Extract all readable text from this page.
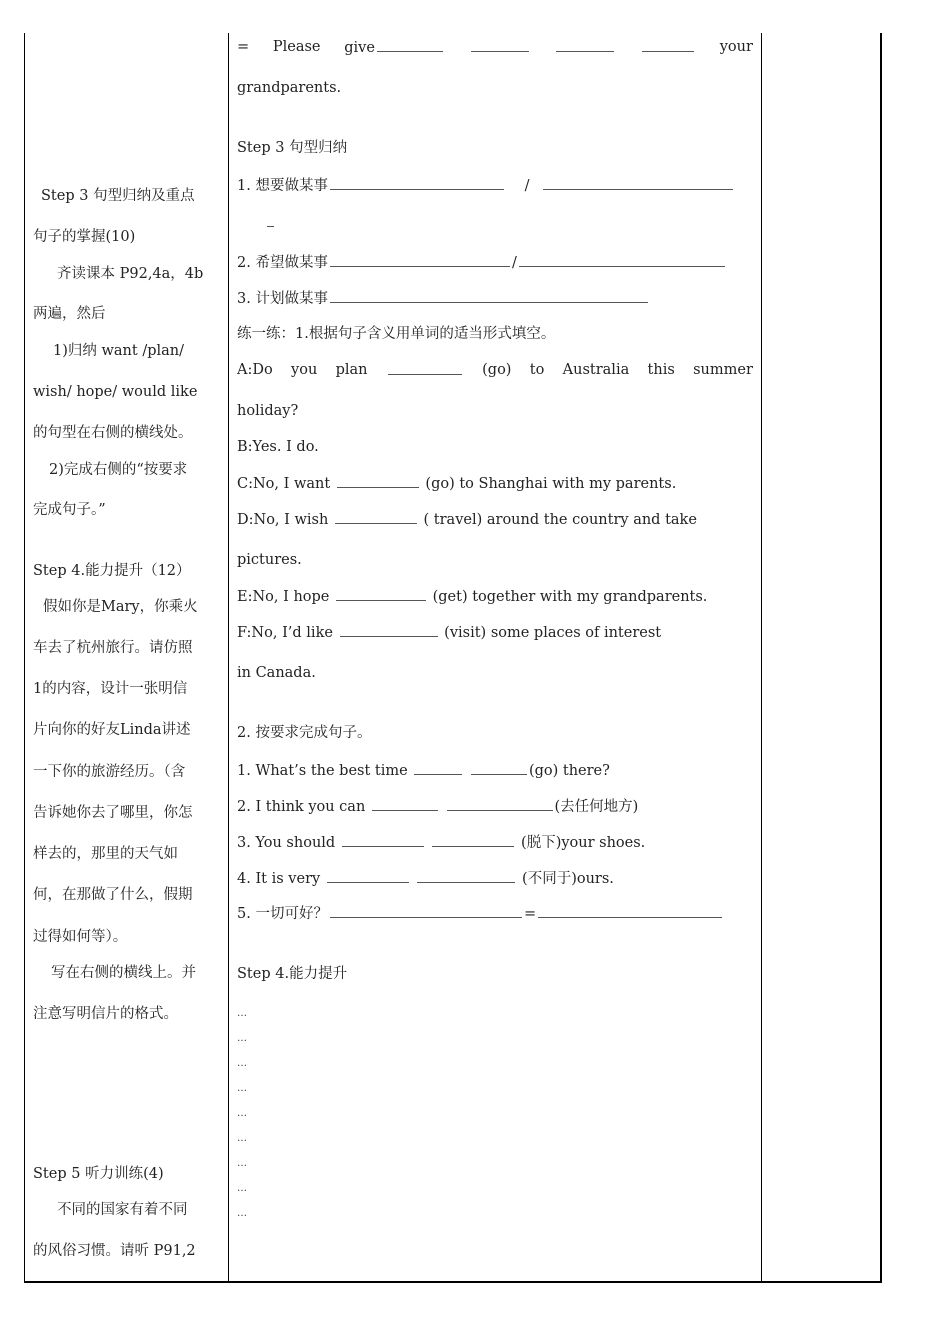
Step 3 句型归纳及重点
句子的掌握(10)
齐读课本 P92,4a，4b
两遍，然后
1)归纳 want /plan/
wish/ hope/ would like
的句型在右侧的横线处。
2)完成右侧的“按要求
完成句子。”
Step 4.能力提升（12）
假如你是Mary，你乘火
车去了杭州旅行。请仿照
1的内容，设计一张明信
片向你的好友Linda讲述
一下你的旅游经历。（含
告诉她你去了哪里，你怎
样去的，那里的天气如
何，在那做了什么，假期
过得如何等）。
写在右侧的横线上。并
注意写明信片的格式。
Step 5 听力训练(4)
不同的国家有着不同
的风俗习惯。请听 P91,2
= Please give	your
grandparents.
Step 3 句型归纳
1. 想要做某事	/
2. 希望做某事	/
3. 计划做某事
练一练：1.根据句子含义用单词的适当形式填空。
A:Do you plan	(go) to Australia this summer
holiday?
B:Yes. I do.
C:No, I want	(go) to Shanghai with my parents.
D:No, I wish	( travel) around the country and take
pictures.
E:No, I hope	(get) together with my grandparents.
F:No, I’d like	(visit) some places of interest
in Canada.
2. 按要求完成句子。
1. What’s the best time	(go) there?
2. I think you can	(去任何地方)
3. You should	(脱下)your shoes.
4. It is very	(不同于)ours.
5. 一切可好？	=
Step 4.能力提升
…
…
…
…
…
…
…
…
…
